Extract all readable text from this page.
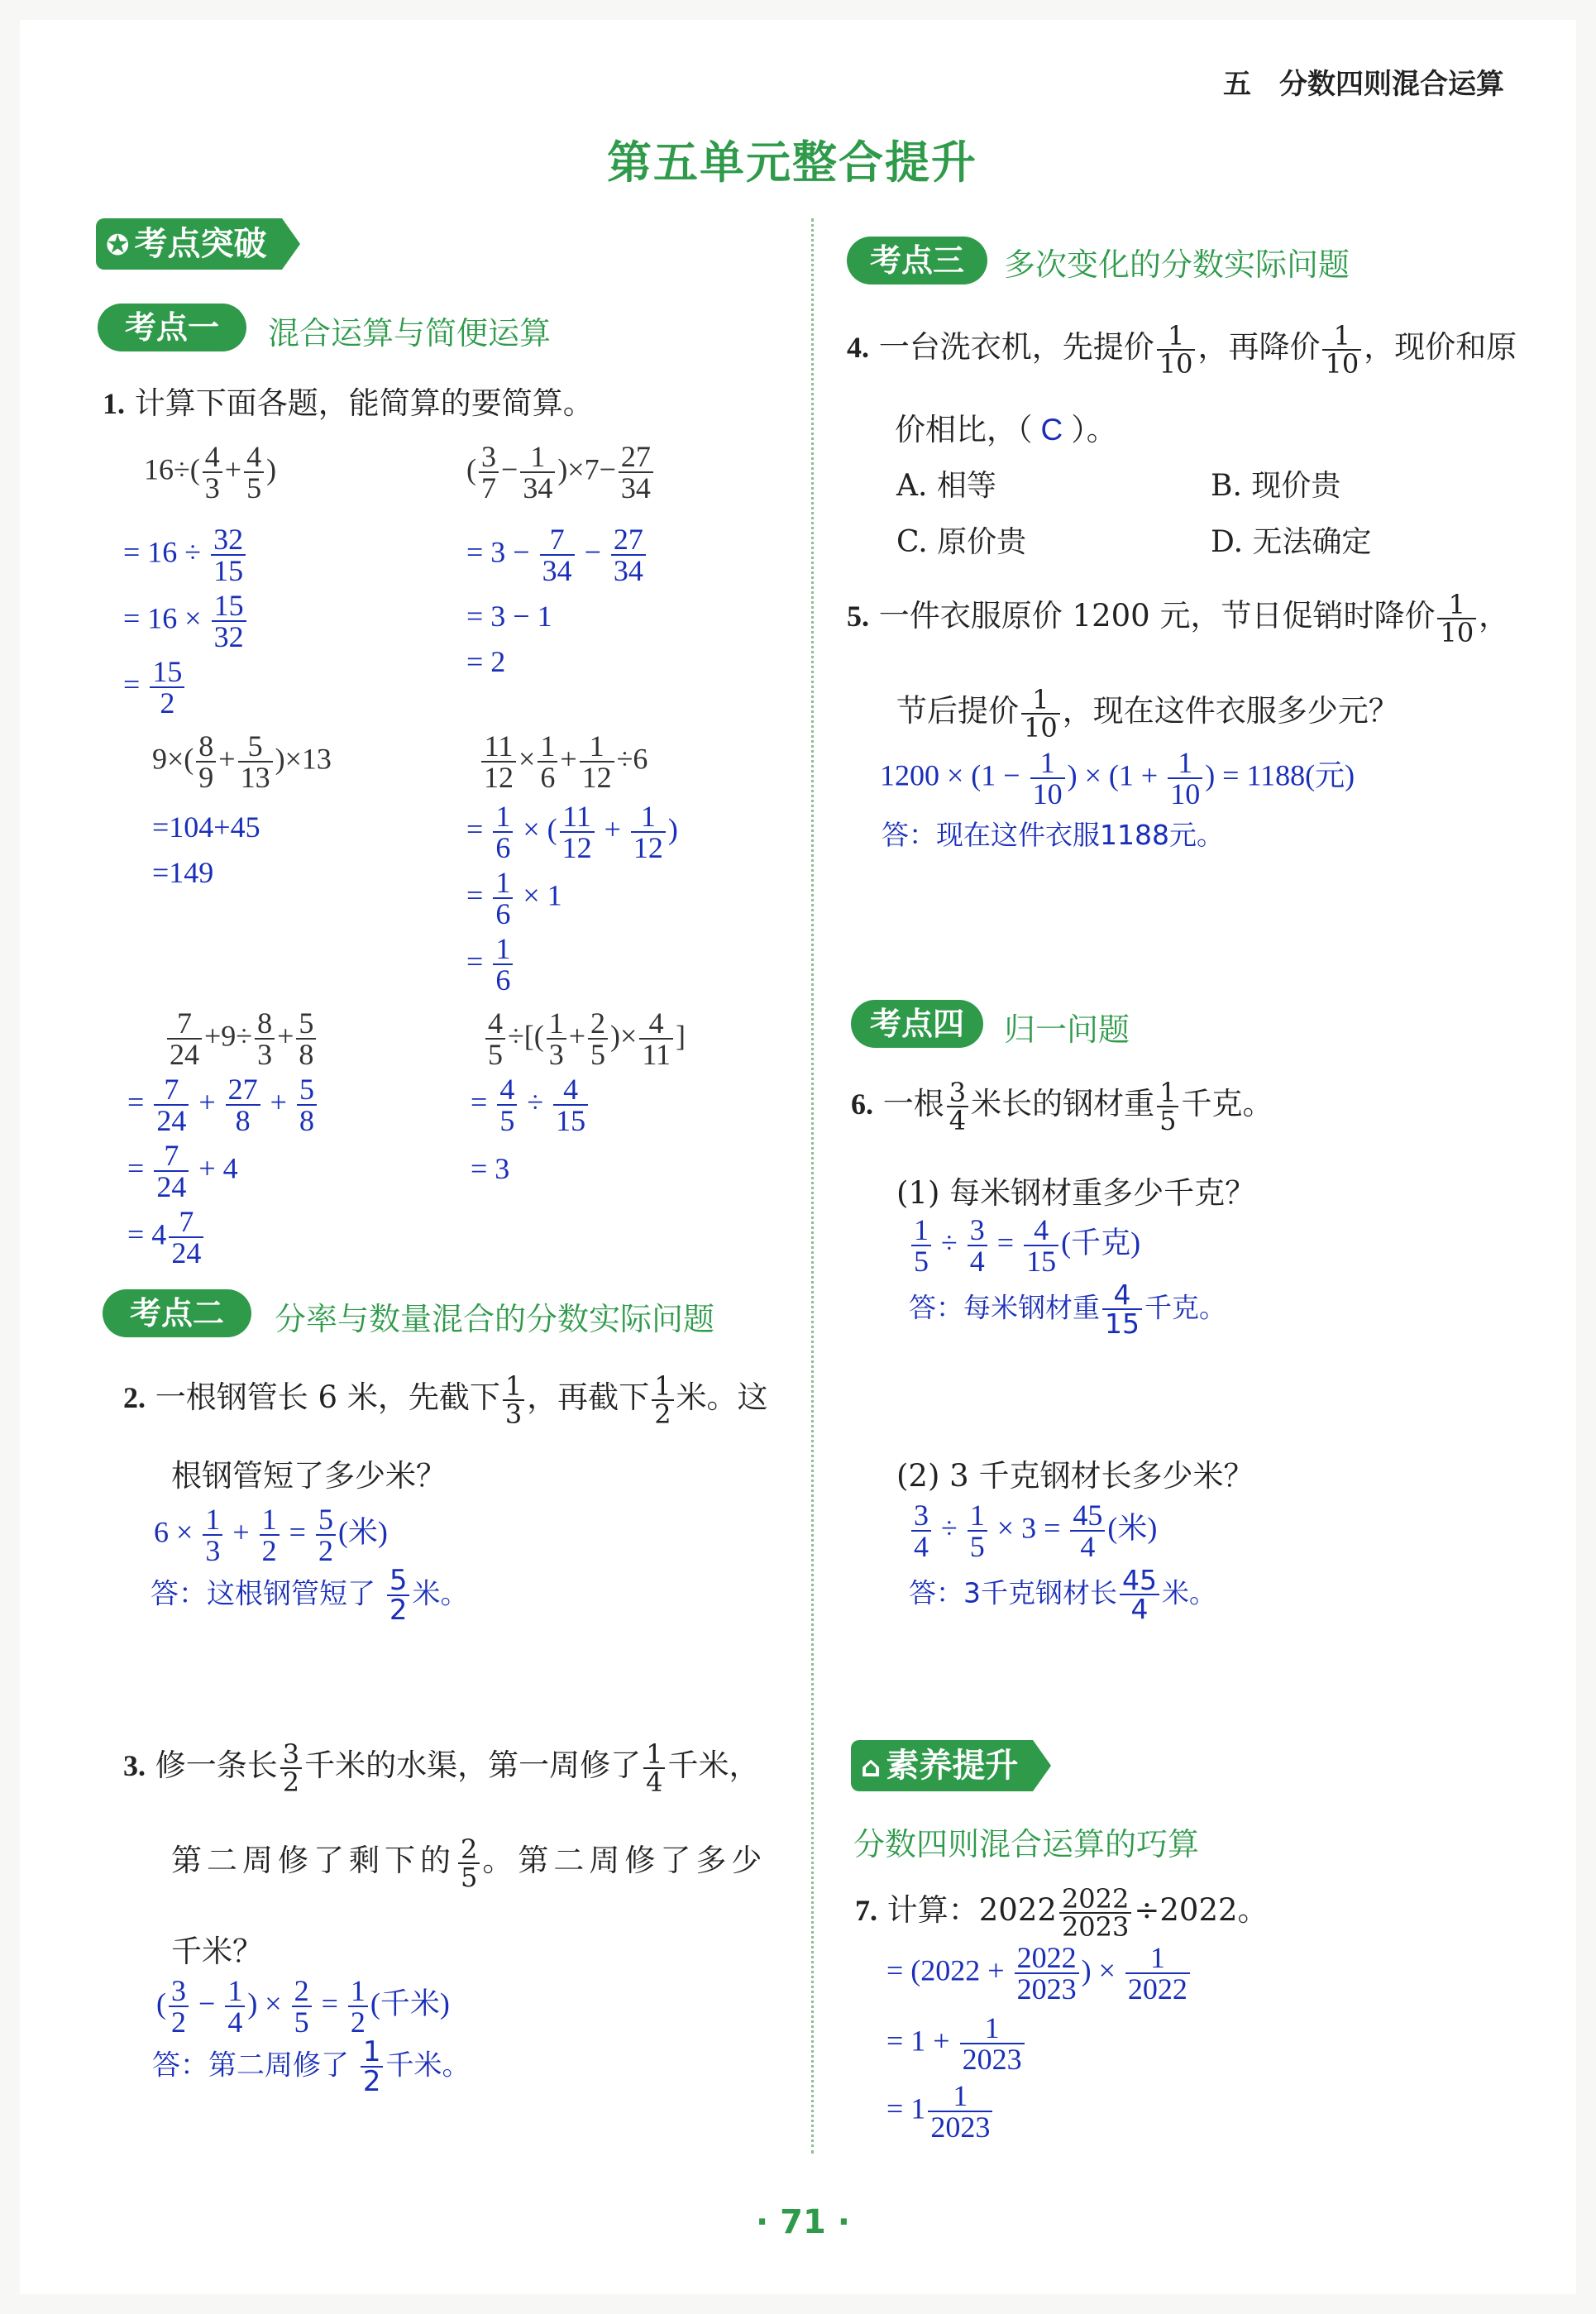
五　分数四则混合运算
第五单元整合提升
✪ 考点突破
考点一	混合运算与简便运算
1. 计算下面各题，能简算的要简算。
$16\div( \frac{4}{3} + \frac{4}{5}$ )
= $16 \div \frac{32}{15}$
= $16 \times \frac{15}{32}$
= $\frac{15}{2}$
( $\frac{3}{7} - \frac{1}{34} )\times 7- \frac{27}{34}$
= $3 - \frac{7}{34} - \frac{27}{34}$
= 3 − 1
= 2
$9\times( \frac{8}{9} + \frac{5}{13} )\times 13$
=104+45
=149
$\frac{11}{12} \times \frac{1}{6} + \frac{1}{12} \div 6$
= $\frac{1}{6}$ × ( $\frac{11}{12} + \frac{1}{12}$ )
= $\frac{1}{6} \times 1$
= $\frac{1}{6}$
$\frac{7}{24} +9\div \frac{8}{3} + \frac{5}{8}$
= $\frac{7}{24} + \frac{27}{8} + \frac{5}{8}$
= $\frac{7}{24} + 4$
= $4 \frac{7}{24}$
$\frac{4}{5}$ ÷[( $\frac{1}{3} + \frac{2}{5}$ )× $\frac{4}{11}$ ]
= $\frac{4}{5} \div \frac{4}{15}$
= 3
考点二	分率与数量混合的分数实际问题
2. 一根钢管长 6 米，先截下 $\frac{1}{3}$ ，再截下 $\frac{1}{2}$ 米。这
根钢管短了多少米？
$6 \times \frac{1}{3} + \frac{1}{2} = \frac{5}{2}$ (米)
答：这根钢管短了 $\frac{5}{2}$ 米。
3. 修一条长 $\frac{3}{2}$ 千米的水渠，第一周修了 $\frac{1}{4}$ 千米，
第二周修了剩下的 $\frac{2}{5}$ 。第二周修了多少
千米？
( $\frac{3}{2} - \frac{1}{4}$ ) × $\frac{2}{5} = \frac{1}{2}$ (千米)
答：第二周修了 $\frac{1}{2}$ 千米。
考点三	多次变化的分数实际问题
4. 一台洗衣机，先提价 $\frac{1}{10}$ ，再降价 $\frac{1}{10}$ ，现价和原
价相比，（ C ）。
A. 相等	B. 现价贵
C. 原价贵	D. 无法确定
5. 一件衣服原价 1200 元，节日促销时降价 $\frac{1}{10}$ ，
节后提价 $\frac{1}{10}$ ，现在这件衣服多少元？
$1200 \times (1 - \frac{1}{10}$ ) × ($1 + \frac{1}{10}$ ) = 1188(元)
答：现在这件衣服1188元。
考点四	归一问题
6. 一根 $\frac{3}{4}$ 米长的钢材重 $\frac{1}{5}$ 千克。
(1) 每米钢材重多少千克？
$\frac{1}{5} \div \frac{3}{4} = \frac{4}{15}$ (千克)
答：每米钢材重 $\frac{4}{15}$ 千克。
(2) 3 千克钢材长多少米？
$\frac{3}{4} \div \frac{1}{5} \times 3 = \frac{45}{4}$ (米)
答：3千克钢材长 $\frac{45}{4}$ 米。
⌂ 素养提升
分数四则混合运算的巧算
7. 计算：$2022 \frac{2022}{2023} \div 2022$。
= ($2022 + \frac{2022}{2023}$ ) × $\frac{1}{2022}$
= $1 + \frac{1}{2023}$
= $1 \frac{1}{2023}$
· 71 ·
